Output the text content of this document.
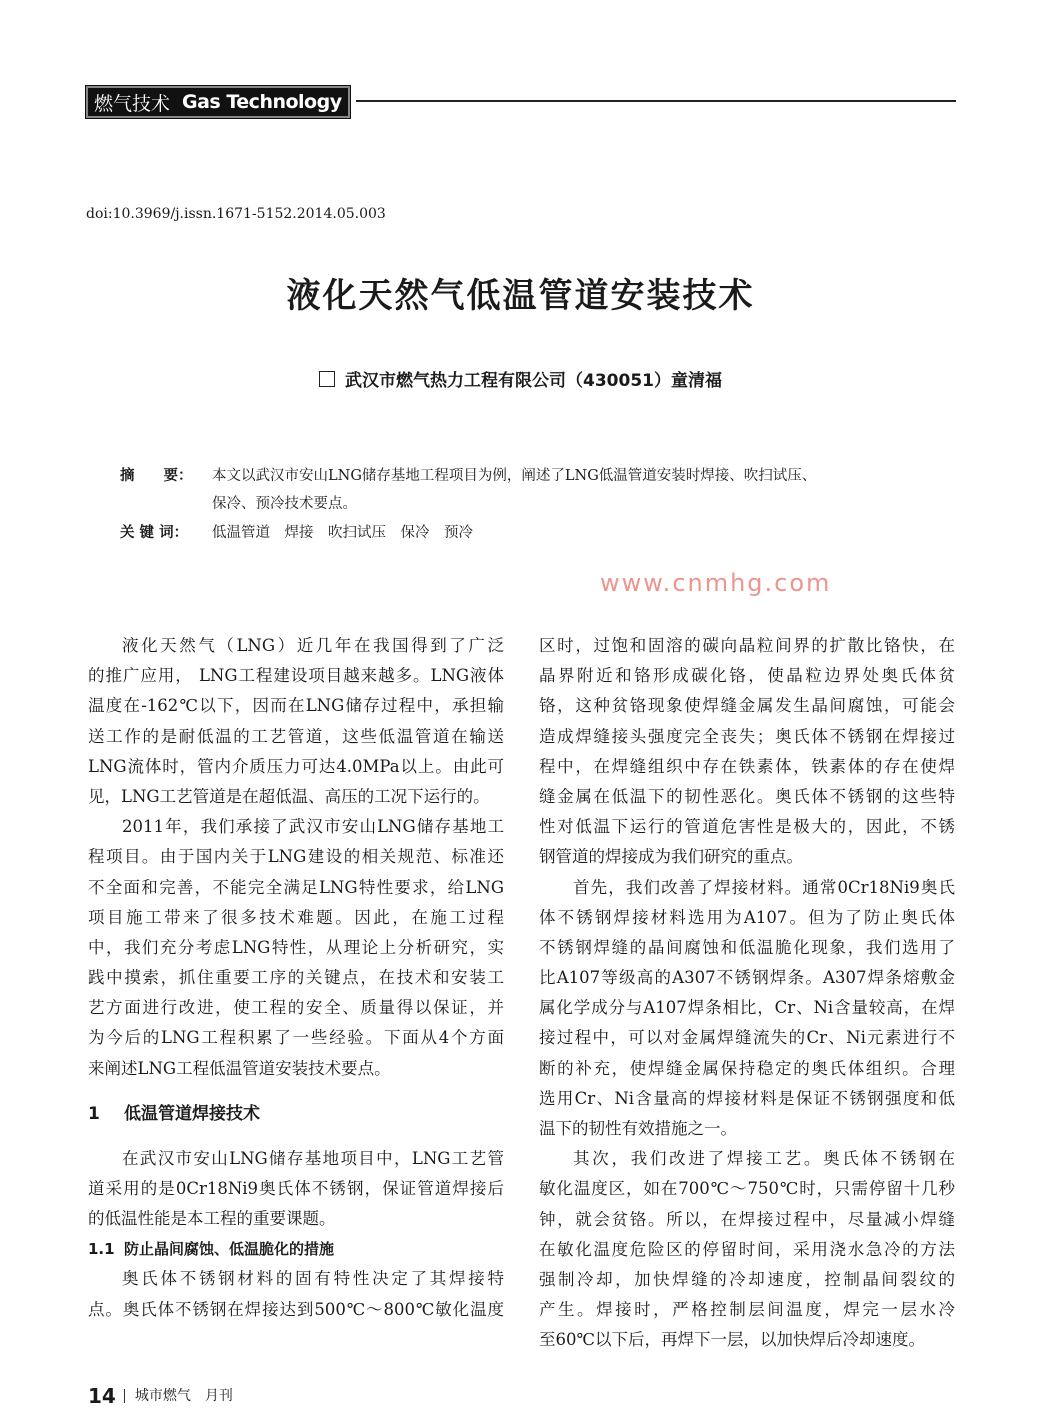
燃气技术 Gas Technology
doi:10.3969/j.issn.1671-5152.2014.05.003
液化天然气低温管道安装技术
武汉市燃气热力工程有限公司（430051）童清福
摘　　要： 本文以武汉市安山LNG储存基地工程项目为例，阐述了LNG低温管道安装时焊接、吹扫试压、
保冷、预冷技术要点。
关 键 词： 低温管道　焊接　吹扫试压　保冷　预冷
液化天然气（LNG）近几年在我国得到了广泛
的推广应用， LNG工程建设项目越来越多。LNG液体
温度在-162℃以下，因而在LNG储存过程中，承担输
送工作的是耐低温的工艺管道，这些低温管道在输送
LNG流体时，管内介质压力可达4.0MPa以上。由此可
见，LNG工艺管道是在超低温、高压的工况下运行的。
2011年，我们承接了武汉市安山LNG储存基地工
程项目。由于国内关于LNG建设的相关规范、标准还
不全面和完善，不能完全满足LNG特性要求，给LNG
项目施工带来了很多技术难题。因此，在施工过程
中，我们充分考虑LNG特性，从理论上分析研究，实
践中摸索，抓住重要工序的关键点，在技术和安装工
艺方面进行改进，使工程的安全、质量得以保证，并
为今后的LNG工程积累了一些经验。下面从4个方面
来阐述LNG工程低温管道安装技术要点。
1 低温管道焊接技术
在武汉市安山LNG储存基地项目中，LNG工艺管
道采用的是0Cr18Ni9奥氏体不锈钢，保证管道焊接后
的低温性能是本工程的重要课题。
1.1 防止晶间腐蚀、低温脆化的措施
奥氏体不锈钢材料的固有特性决定了其焊接特
点。奥氏体不锈钢在焊接达到500℃～800℃敏化温度
区时，过饱和固溶的碳向晶粒间界的扩散比铬快，在
晶界附近和铬形成碳化铬，使晶粒边界处奥氏体贫
铬，这种贫铬现象使焊缝金属发生晶间腐蚀，可能会
造成焊缝接头强度完全丧失；奥氏体不锈钢在焊接过
程中，在焊缝组织中存在铁素体，铁素体的存在使焊
缝金属在低温下的韧性恶化。奥氏体不锈钢的这些特
性对低温下运行的管道危害性是极大的，因此，不锈
钢管道的焊接成为我们研究的重点。
首先，我们改善了焊接材料。通常0Cr18Ni9奥氏
体不锈钢焊接材料选用为A107。但为了防止奥氏体
不锈钢焊缝的晶间腐蚀和低温脆化现象，我们选用了
比A107等级高的A307不锈钢焊条。A307焊条熔敷金
属化学成分与A107焊条相比，Cr、Ni含量较高，在焊
接过程中，可以对金属焊缝流失的Cr、Ni元素进行不
断的补充，使焊缝金属保持稳定的奥氏体组织。合理
选用Cr、Ni含量高的焊接材料是保证不锈钢强度和低
温下的韧性有效措施之一。
其次，我们改进了焊接工艺。奥氏体不锈钢在
敏化温度区，如在700℃～750℃时，只需停留十几秒
钟，就会贫铬。所以，在焊接过程中，尽量减小焊缝
在敏化温度危险区的停留时间，采用浇水急冷的方法
强制冷却，加快焊缝的冷却速度，控制晶间裂纹的
产生。焊接时，严格控制层间温度，焊完一层水冷
至60℃以下后，再焊下一层，以加快焊后冷却速度。
www.cnmhg.com
14 城市燃气　月刊
